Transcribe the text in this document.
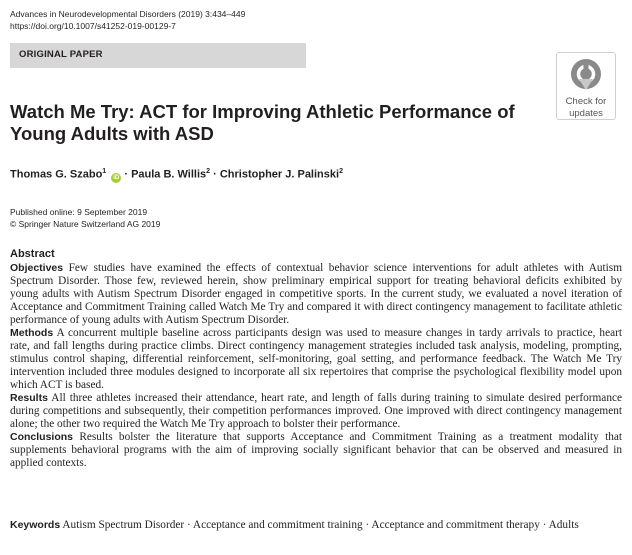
Advances in Neurodevelopmental Disorders (2019) 3:434–449
https://doi.org/10.1007/s41252-019-00129-7
ORIGINAL PAPER
Check for
updates
Watch Me Try: ACT for Improving Athletic Performance of Young Adults with ASD
Thomas G. Szabo$^1$ iD · Paula B. Willis$^2$ · Christopher J. Palinski$^2$
Published online: 9 September 2019
© Springer Nature Switzerland AG 2019
Abstract

Objectives Few studies have examined the effects of contextual behavior science interventions for adult athletes with Autism Spectrum Disorder. Those few, reviewed herein, show preliminary empirical support for treating behavioral deficits exhibited by young adults with Autism Spectrum Disorder engaged in competitive sports. In the current study, we evaluated a novel iteration of Acceptance and Commitment Training called Watch Me Try and compared it with direct contingency management to facilitate athletic performance of young adults with Autism Spectrum Disorder.

Methods A concurrent multiple baseline across participants design was used to measure changes in tardy arrivals to practice, heart rate, and fall lengths during practice climbs. Direct contingency management strategies included task analysis, modeling, prompting, stimulus control shaping, differential reinforcement, self-monitoring, goal setting, and performance feedback. The Watch Me Try intervention included three modules designed to incorporate all six repertoires that comprise the psychological flexibility model upon which ACT is based.

Results All three athletes increased their attendance, heart rate, and length of falls during training to simulate desired performance during competitions and subsequently, their competition performances improved. One improved with direct contingency management alone; the other two required the Watch Me Try approach to bolster their performance.

Conclusions Results bolster the literature that supports Acceptance and Commitment Training as a treatment modality that supplements behavioral programs with the aim of improving socially significant behavior that can be observed and measured in applied contexts.

Keywords Autism Spectrum Disorder · Acceptance and commitment training · Acceptance and commitment therapy · Adults
